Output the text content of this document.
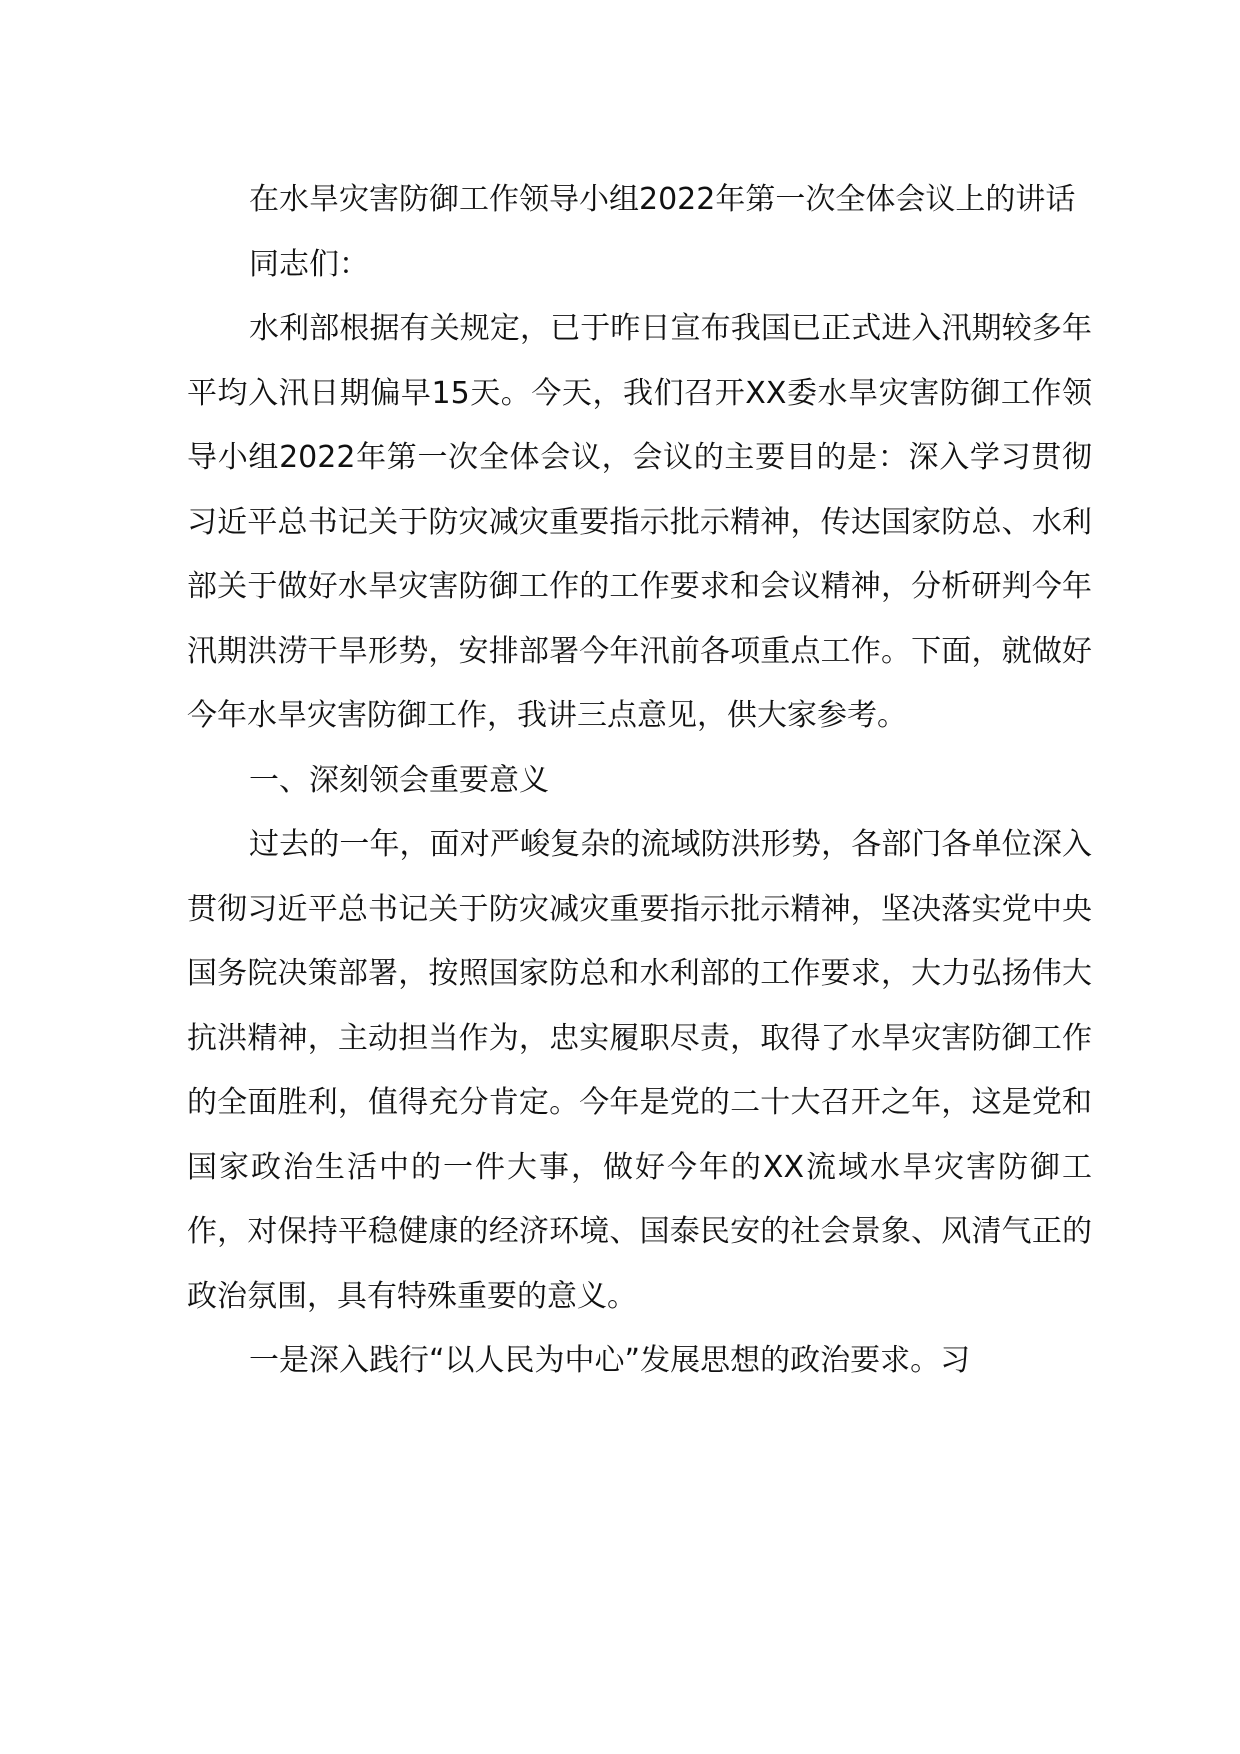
在水旱灾害防御工作领导小组2022年第一次全体会议上的讲话

同志们：

水利部根据有关规定，已于昨日宣布我国已正式进入汛期较多年平均入汛日期偏早15天。今天，我们召开XX委水旱灾害防御工作领导小组2022年第一次全体会议，会议的主要目的是：深入学习贯彻习近平总书记关于防灾减灾重要指示批示精神，传达国家防总、水利部关于做好水旱灾害防御工作的工作要求和会议精神，分析研判今年汛期洪涝干旱形势，安排部署今年汛前各项重点工作。下面，就做好今年水旱灾害防御工作，我讲三点意见，供大家参考。

一、深刻领会重要意义

过去的一年，面对严峻复杂的流域防洪形势，各部门各单位深入贯彻习近平总书记关于防灾减灾重要指示批示精神，坚决落实党中央国务院决策部署，按照国家防总和水利部的工作要求，大力弘扬伟大抗洪精神，主动担当作为，忠实履职尽责，取得了水旱灾害防御工作的全面胜利，值得充分肯定。今年是党的二十大召开之年，这是党和国家政治生活中的一件大事，做好今年的XX流域水旱灾害防御工作，对保持平稳健康的经济环境、国泰民安的社会景象、风清气正的政治氛围，具有特殊重要的意义。

一是深入践行“以人民为中心”发展思想的政治要求。习
